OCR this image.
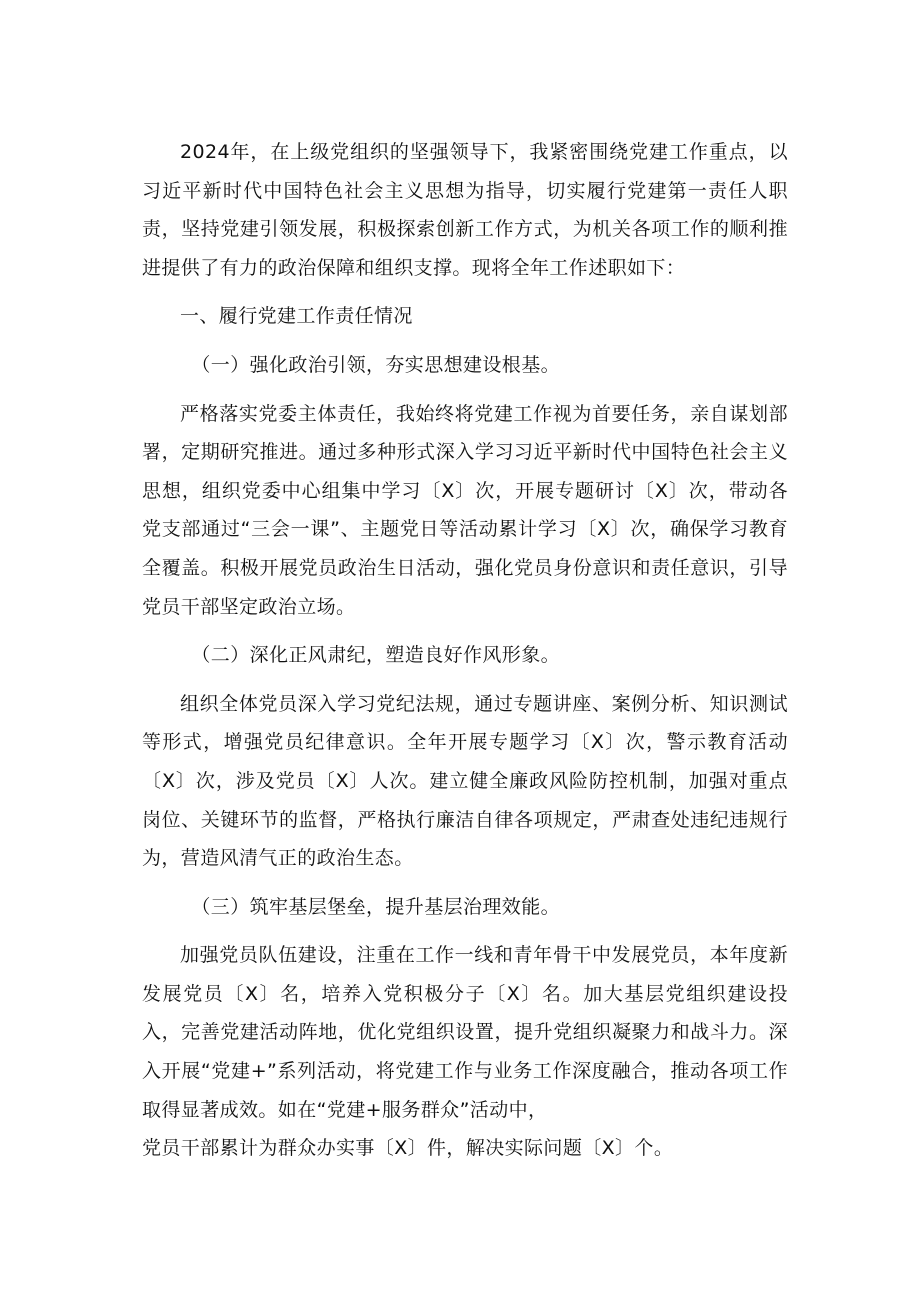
2024年，在上级党组织的坚强领导下，我紧密围绕党建工作重点，以习近平新时代中国特色社会主义思想为指导，切实履行党建第一责任人职责，坚持党建引领发展，积极探索创新工作方式，为机关各项工作的顺利推进提供了有力的政治保障和组织支撑。现将全年工作述职如下：

一、履行党建工作责任情况

（一）强化政治引领，夯实思想建设根基。

严格落实党委主体责任，我始终将党建工作视为首要任务，亲自谋划部署，定期研究推进。通过多种形式深入学习习近平新时代中国特色社会主义思想，组织党委中心组集中学习〔X〕次，开展专题研讨〔X〕次，带动各党支部通过“三会一课”、主题党日等活动累计学习〔X〕次，确保学习教育全覆盖。积极开展党员政治生日活动，强化党员身份意识和责任意识，引导党员干部坚定政治立场。

（二）深化正风肃纪，塑造良好作风形象。

组织全体党员深入学习党纪法规，通过专题讲座、案例分析、知识测试等形式，增强党员纪律意识。全年开展专题学习〔X〕次，警示教育活动〔X〕次，涉及党员〔X〕人次。建立健全廉政风险防控机制，加强对重点岗位、关键环节的监督，严格执行廉洁自律各项规定，严肃查处违纪违规行为，营造风清气正的政治生态。

（三）筑牢基层堡垒，提升基层治理效能。

加强党员队伍建设，注重在工作一线和青年骨干中发展党员，本年度新发展党员〔X〕名，培养入党积极分子〔X〕名。加大基层党组织建设投入，完善党建活动阵地，优化党组织设置，提升党组织凝聚力和战斗力。深入开展“党建+”系列活动，将党建工作与业务工作深度融合，推动各项工作取得显著成效。如在“党建+服务群众”活动中，

党员干部累计为群众办实事〔X〕件，解决实际问题〔X〕个。
